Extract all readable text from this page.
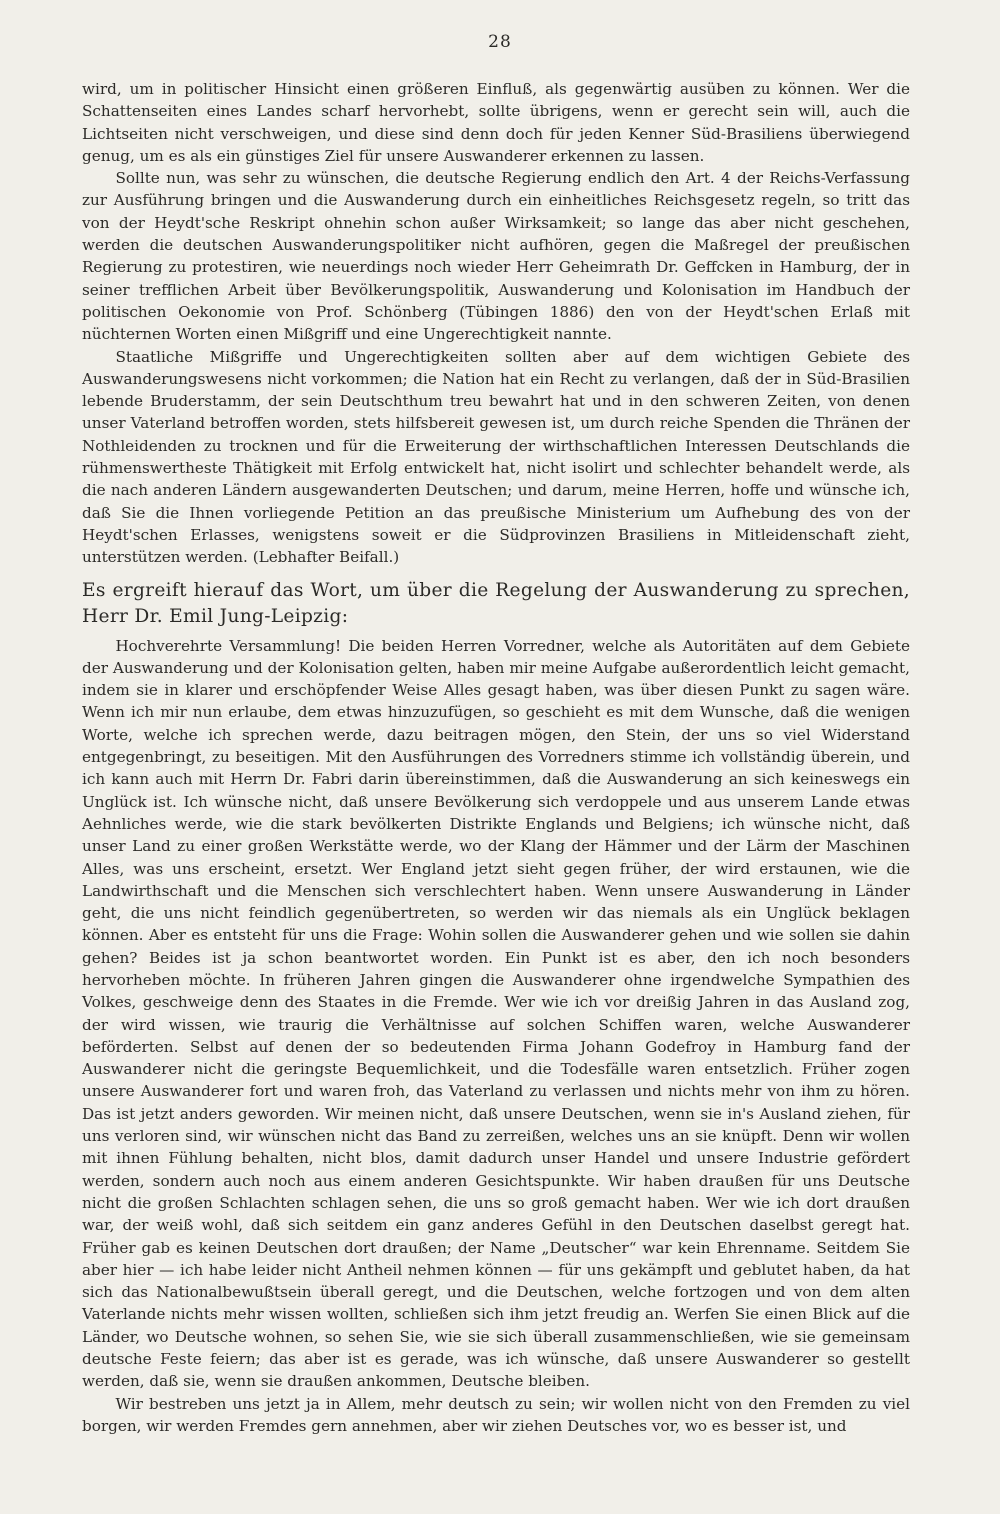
28

wird, um in politischer Hinsicht einen größeren Einfluß, als gegenwärtig ausüben zu können. Wer die Schattenseiten eines Landes scharf hervorhebt, sollte übrigens, wenn er gerecht sein will, auch die Lichtseiten nicht verschweigen, und diese sind denn doch für jeden Kenner Süd-Brasiliens überwiegend genug, um es als ein günstiges Ziel für unsere Auswanderer erkennen zu lassen.

Sollte nun, was sehr zu wünschen, die deutsche Regierung endlich den Art. 4 der Reichs-Verfassung zur Ausführung bringen und die Auswanderung durch ein einheitliches Reichsgesetz regeln, so tritt das von der Heydt'sche Reskript ohnehin schon außer Wirksamkeit; so lange das aber nicht geschehen, werden die deutschen Auswanderungspolitiker nicht aufhören, gegen die Maßregel der preußischen Regierung zu protestiren, wie neuerdings noch wieder Herr Geheimrath Dr. Geffcken in Hamburg, der in seiner trefflichen Arbeit über Bevölkerungspolitik, Auswanderung und Kolonisation im Handbuch der politischen Oekonomie von Prof. Schönberg (Tübingen 1886) den von der Heydt'schen Erlaß mit nüchternen Worten einen Mißgriff und eine Ungerechtigkeit nannte.

Staatliche Mißgriffe und Ungerechtigkeiten sollten aber auf dem wichtigen Gebiete des Auswanderungswesens nicht vorkommen; die Nation hat ein Recht zu verlangen, daß der in Süd-Brasilien lebende Bruderstamm, der sein Deutschthum treu bewahrt hat und in den schweren Zeiten, von denen unser Vaterland betroffen worden, stets hilfsbereit gewesen ist, um durch reiche Spenden die Thränen der Nothleidenden zu trocknen und für die Erweiterung der wirthschaftlichen Interessen Deutschlands die rühmenswertheste Thätigkeit mit Erfolg entwickelt hat, nicht isolirt und schlechter behandelt werde, als die nach anderen Ländern ausgewanderten Deutschen; und darum, meine Herren, hoffe und wünsche ich, daß Sie die Ihnen vorliegende Petition an das preußische Ministerium um Aufhebung des von der Heydt'schen Erlasses, wenigstens soweit er die Südprovinzen Brasiliens in Mitleidenschaft zieht, unterstützen werden. (Lebhafter Beifall.)

Es ergreift hierauf das Wort, um über die Regelung der Auswanderung zu sprechen, Herr Dr. Emil Jung-Leipzig:

Hochverehrte Versammlung! Die beiden Herren Vorredner, welche als Autoritäten auf dem Gebiete der Auswanderung und der Kolonisation gelten, haben mir meine Aufgabe außerordentlich leicht gemacht, indem sie in klarer und erschöpfender Weise Alles gesagt haben, was über diesen Punkt zu sagen wäre. Wenn ich mir nun erlaube, dem etwas hinzuzufügen, so geschieht es mit dem Wunsche, daß die wenigen Worte, welche ich sprechen werde, dazu beitragen mögen, den Stein, der uns so viel Widerstand entgegenbringt, zu beseitigen. Mit den Ausführungen des Vorredners stimme ich vollständig überein, und ich kann auch mit Herrn Dr. Fabri darin übereinstimmen, daß die Auswanderung an sich keineswegs ein Unglück ist. Ich wünsche nicht, daß unsere Bevölkerung sich verdoppele und aus unserem Lande etwas Aehnliches werde, wie die stark bevölkerten Distrikte Englands und Belgiens; ich wünsche nicht, daß unser Land zu einer großen Werkstätte werde, wo der Klang der Hämmer und der Lärm der Maschinen Alles, was uns erscheint, ersetzt. Wer England jetzt sieht gegen früher, der wird erstaunen, wie die Landwirthschaft und die Menschen sich verschlechtert haben. Wenn unsere Auswanderung in Länder geht, die uns nicht feindlich gegenübertreten, so werden wir das niemals als ein Unglück beklagen können. Aber es entsteht für uns die Frage: Wohin sollen die Auswanderer gehen und wie sollen sie dahin gehen? Beides ist ja schon beantwortet worden. Ein Punkt ist es aber, den ich noch besonders hervorheben möchte. In früheren Jahren gingen die Auswanderer ohne irgendwelche Sympathien des Volkes, geschweige denn des Staates in die Fremde. Wer wie ich vor dreißig Jahren in das Ausland zog, der wird wissen, wie traurig die Verhältnisse auf solchen Schiffen waren, welche Auswanderer beförderten. Selbst auf denen der so bedeutenden Firma Johann Godefroy in Hamburg fand der Auswanderer nicht die geringste Bequemlichkeit, und die Todesfälle waren entsetzlich. Früher zogen unsere Auswanderer fort und waren froh, das Vaterland zu verlassen und nichts mehr von ihm zu hören. Das ist jetzt anders geworden. Wir meinen nicht, daß unsere Deutschen, wenn sie in's Ausland ziehen, für uns verloren sind, wir wünschen nicht das Band zu zerreißen, welches uns an sie knüpft. Denn wir wollen mit ihnen Fühlung behalten, nicht blos, damit dadurch unser Handel und unsere Industrie gefördert werden, sondern auch noch aus einem anderen Gesichtspunkte. Wir haben draußen für uns Deutsche nicht die großen Schlachten schlagen sehen, die uns so groß gemacht haben. Wer wie ich dort draußen war, der weiß wohl, daß sich seitdem ein ganz anderes Gefühl in den Deutschen daselbst geregt hat. Früher gab es keinen Deutschen dort draußen; der Name „Deutscher“ war kein Ehrenname. Seitdem Sie aber hier — ich habe leider nicht Antheil nehmen können — für uns gekämpft und geblutet haben, da hat sich das Nationalbewußtsein überall geregt, und die Deutschen, welche fortzogen und von dem alten Vaterlande nichts mehr wissen wollten, schließen sich ihm jetzt freudig an. Werfen Sie einen Blick auf die Länder, wo Deutsche wohnen, so sehen Sie, wie sie sich überall zusammenschließen, wie sie gemeinsam deutsche Feste feiern; das aber ist es gerade, was ich wünsche, daß unsere Auswanderer so gestellt werden, daß sie, wenn sie draußen ankommen, Deutsche bleiben.

Wir bestreben uns jetzt ja in Allem, mehr deutsch zu sein; wir wollen nicht von den Fremden zu viel borgen, wir werden Fremdes gern annehmen, aber wir ziehen Deutsches vor, wo es besser ist, und
